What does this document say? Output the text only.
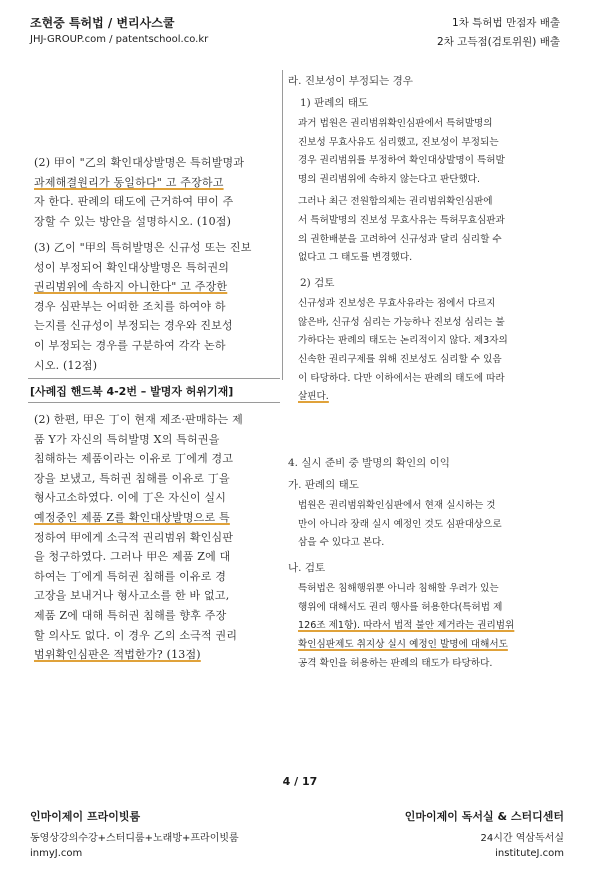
조현중 특허법 / 변리사스쿨
JHJ-GROUP.com / patentschool.co.kr
1차 특허법 만점자 배출
2차 고득점(검토위원) 배출
(2) 甲이 "乙의 확인대상발명은 특허발명과
과제해결원리가 동일하다" 고 주장하고
자 한다. 판례의 태도에 근거하여 甲이 주
장할 수 있는 방안을 설명하시오. (10점)
(3) 乙이 "甲의 특허발명은 신규성 또는 진보
성이 부정되어 확인대상발명은 특허권의
권리범위에 속하지 아니한다" 고 주장한
경우 심판부는 어떠한 조치를 하여야 하
는지를 신규성이 부정되는 경우와 진보성
이 부정되는 경우를 구분하여 각각 논하
시오. (12점)
[사례집 핸드북 4-2번 – 발명자 허위기재]
(2) 한편, 甲은 丁이 현재 제조·판매하는 제
품 Y가 자신의 특허발명 X의 특허권을
침해하는 제품이라는 이유로 丁에게 경고
장을 보냈고, 특허권 침해를 이유로 丁을
형사고소하였다. 이에 丁은 자신이 실시
예정중인 제품 Z를 확인대상발명으로 특
정하여 甲에게 소극적 권리범위 확인심판
을 청구하였다. 그러나 甲은 제품 Z에 대
하여는 丁에게 특허권 침해를 이유로 경
고장을 보내거나 형사고소를 한 바 없고,
제품 Z에 대해 특허권 침해를 향후 주장
할 의사도 없다. 이 경우 乙의 소극적 권리
범위확인심판은 적법한가? (13점)
라. 진보성이 부정되는 경우
1) 판례의 태도
과거 법원은 권리범위확인심판에서 특허발명의
진보성 무효사유도 심리했고, 진보성이 부정되는
경우 권리범위를 부정하여 확인대상발명이 특허발
명의 권리범위에 속하지 않는다고 판단했다.
그러나 최근 전원합의체는 권리범위확인심판에
서 특허발명의 진보성 무효사유는 특허무효심판과
의 권한배분을 고려하여 신규성과 달리 심리할 수
없다고 그 태도를 변경했다.
2) 검토
신규성과 진보성은 무효사유라는 점에서 다르지
않은바, 신규성 심리는 가능하나 진보성 심리는 불
가하다는 판례의 태도는 논리적이지 않다. 제3자의
신속한 권리구제를 위해 진보성도 심리할 수 있음
이 타당하다. 다만 이하에서는 판례의 태도에 따라
살핀다.
4. 실시 준비 중 발명의 확인의 이익
가. 판례의 태도
법원은 권리범위확인심판에서 현재 실시하는 것
만이 아니라 장래 실시 예정인 것도 심판대상으로
삼을 수 있다고 본다.
나. 검토
특허법은 침해행위뿐 아니라 침해할 우려가 있는
행위에 대해서도 권리 행사를 허용한다(특허법 제
126조 제1항). 따라서 법적 불안 제거라는 권리범위
확인심판제도 취지상 실시 예정인 발명에 대해서도
공격 확인을 허용하는 판례의 태도가 타당하다.
4 / 17
인마이제이 프라이빗룸
동영상강의수강+스터디룸+노래방+프라이빗룸
inmyJ.com
인마이제이 독서실 & 스터디센터
24시간 역삼독서실
instituteJ.com
